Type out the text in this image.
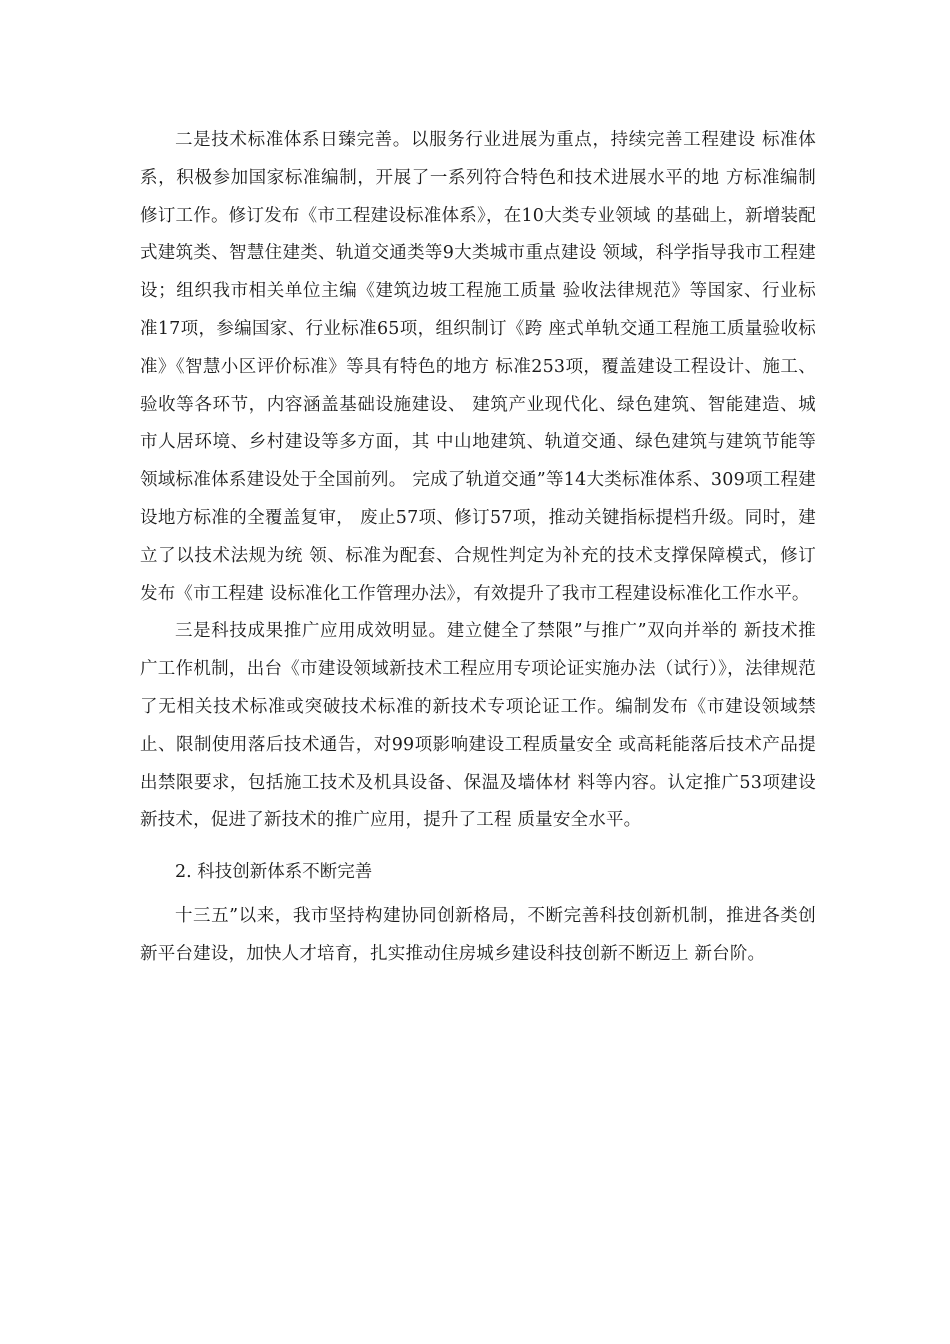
二是技术标准体系日臻完善。以服务行业进展为重点，持续完善工程建设 标准体系，积极参加国家标准编制，开展了一系列符合特色和技术进展水平的地 方标准编制修订工作。修订发布《市工程建设标准体系》，在10大类专业领域 的基础上，新增装配式建筑类、智慧住建类、轨道交通类等9大类城市重点建设 领域，科学指导我市工程建设；组织我市相关单位主编《建筑边坡工程施工质量 验收法律规范》等国家、行业标准17项，参编国家、行业标准65项，组织制订《跨 座式单轨交通工程施工质量验收标准》《智慧小区评价标准》等具有特色的地方 标准253项，覆盖建设工程设计、施工、验收等各环节，内容涵盖基础设施建设、 建筑产业现代化、绿色建筑、智能建造、城市人居环境、乡村建设等多方面，其 中山地建筑、轨道交通、绿色建筑与建筑节能等领域标准体系建设处于全国前列。 完成了轨道交通”等14大类标准体系、309项工程建设地方标准的全覆盖复审， 废止57项、修订57项，推动关键指标提档升级。同时，建立了以技术法规为统 领、标准为配套、合规性判定为补充的技术支撑保障模式，修订发布《市工程建 设标准化工作管理办法》，有效提升了我市工程建设标准化工作水平。

三是科技成果推广应用成效明显。建立健全了禁限”与推广”双向并举的 新技术推广工作机制，出台《市建设领域新技术工程应用专项论证实施办法（试行）》，法律规范了无相关技术标准或突破技术标准的新技术专项论证工作。编制发布《市建设领域禁止、限制使用落后技术通告，对99项影响建设工程质量安全 或高耗能落后技术产品提出禁限要求，包括施工技术及机具设备、保温及墙体材 料等内容。认定推广53项建设新技术，促进了新技术的推广应用，提升了工程 质量安全水平。

2. 科技创新体系不断完善

十三五”以来，我市坚持构建协同创新格局，不断完善科技创新机制，推进各类创新平台建设，加快人才培育，扎实推动住房城乡建设科技创新不断迈上 新台阶。
